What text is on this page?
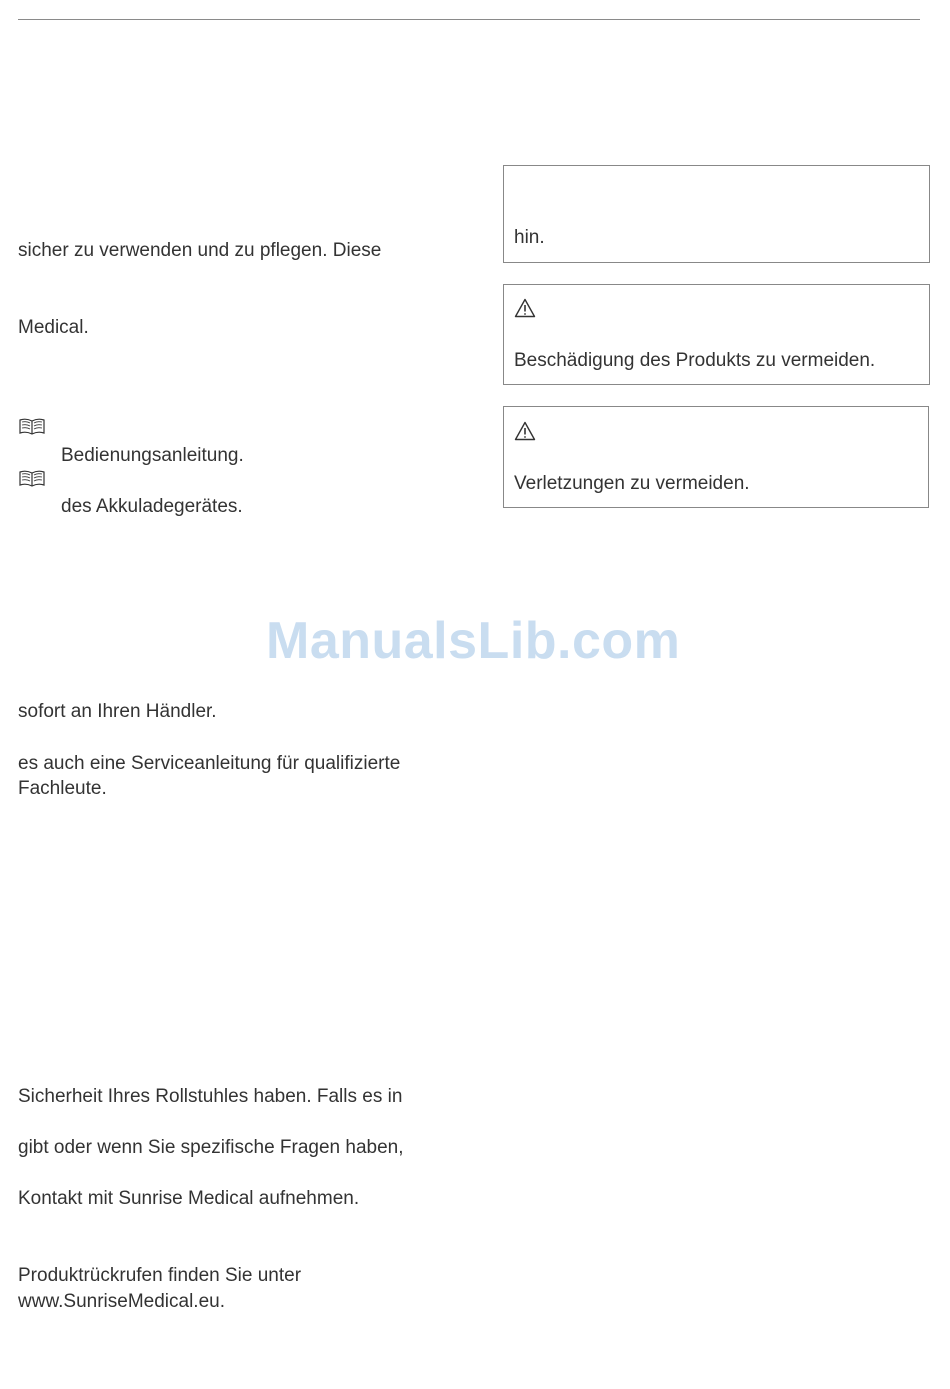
sicher zu verwenden und zu pflegen. Diese
Medical.
Bedienungsanleitung.
des Akkuladegerätes.
sofort an Ihren Händler.
es auch eine Serviceanleitung für qualifizierte
Fachleute.
Sicherheit Ihres Rollstuhles haben. Falls es in
gibt oder wenn Sie spezifische Fragen haben,
Kontakt mit Sunrise Medical aufnehmen.
Produktrückrufen finden Sie unter
www.SunriseMedical.eu.
hin.
Beschädigung des Produkts zu vermeiden.
Verletzungen zu vermeiden.
ManualsLib.com
